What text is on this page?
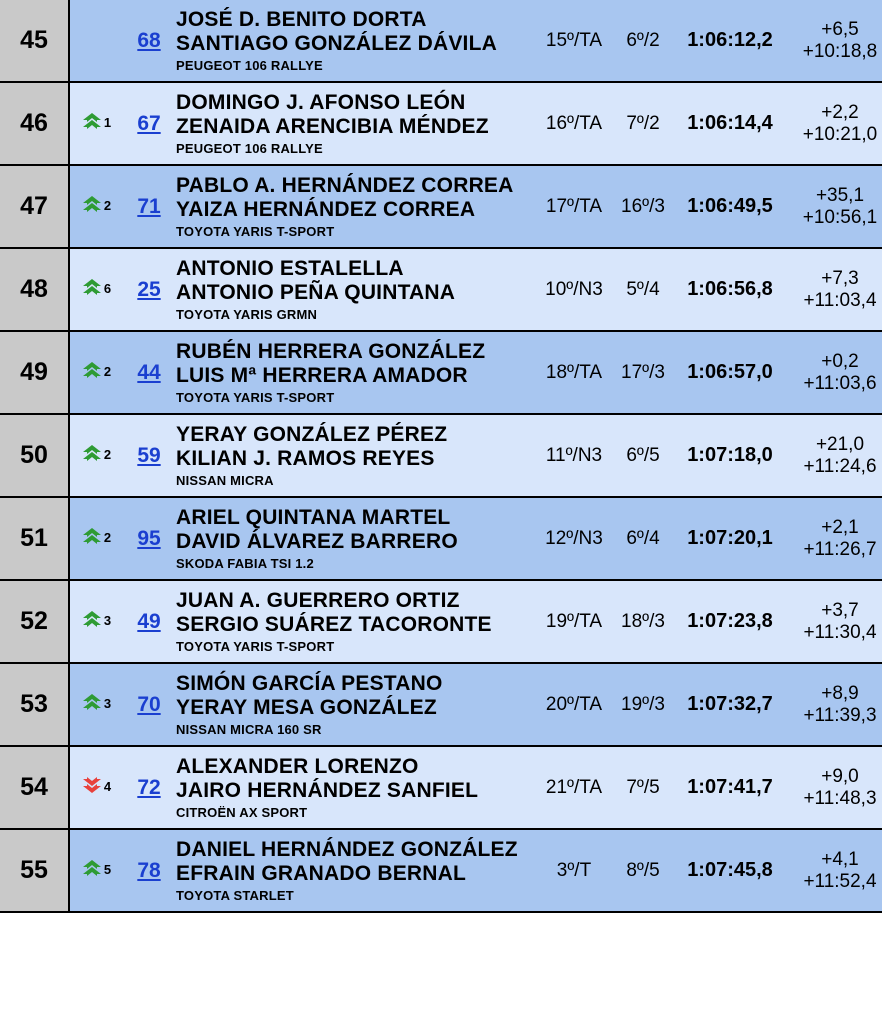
45		68	
JOSÉ D. BENITO DORTA
SANTIAGO GONZÁLEZ DÁVILA
PEUGEOT 106 RALLYE
	15º/TA	6º/2	1:06:12,2	+6,5
+10:18,8

46	1	67	
DOMINGO J. AFONSO LEÓN
ZENAIDA ARENCIBIA MÉNDEZ
PEUGEOT 106 RALLYE
	16º/TA	7º/2	1:06:14,4	+2,2
+10:21,0

47	2	71	
PABLO A. HERNÁNDEZ CORREA
YAIZA HERNÁNDEZ CORREA
TOYOTA YARIS T-SPORT
	17º/TA	16º/3	1:06:49,5	+35,1
+10:56,1

48	6	25	
ANTONIO ESTALELLA
ANTONIO PEÑA QUINTANA
TOYOTA YARIS GRMN
	10º/N3	5º/4	1:06:56,8	+7,3
+11:03,4

49	2	44	
RUBÉN HERRERA GONZÁLEZ
LUIS Mª HERRERA AMADOR
TOYOTA YARIS T-SPORT
	18º/TA	17º/3	1:06:57,0	+0,2
+11:03,6

50	2	59	
YERAY GONZÁLEZ PÉREZ
KILIAN J. RAMOS REYES
NISSAN MICRA
	11º/N3	6º/5	1:07:18,0	+21,0
+11:24,6

51	2	95	
ARIEL QUINTANA MARTEL
DAVID ÁLVAREZ BARRERO
SKODA FABIA TSI 1.2
	12º/N3	6º/4	1:07:20,1	+2,1
+11:26,7

52	3	49	
JUAN A. GUERRERO ORTIZ
SERGIO SUÁREZ TACORONTE
TOYOTA YARIS T-SPORT
	19º/TA	18º/3	1:07:23,8	+3,7
+11:30,4

53	3	70	
SIMÓN GARCÍA PESTANO
YERAY MESA GONZÁLEZ
NISSAN MICRA 160 SR
	20º/TA	19º/3	1:07:32,7	+8,9
+11:39,3

54	4	72	
ALEXANDER LORENZO
JAIRO HERNÁNDEZ SANFIEL
CITROËN AX SPORT
	21º/TA	7º/5	1:07:41,7	+9,0
+11:48,3

55	5	78	
DANIEL HERNÁNDEZ GONZÁLEZ
EFRAIN GRANADO BERNAL
TOYOTA STARLET
	3º/T	8º/5	1:07:45,8	+4,1
+11:52,4
